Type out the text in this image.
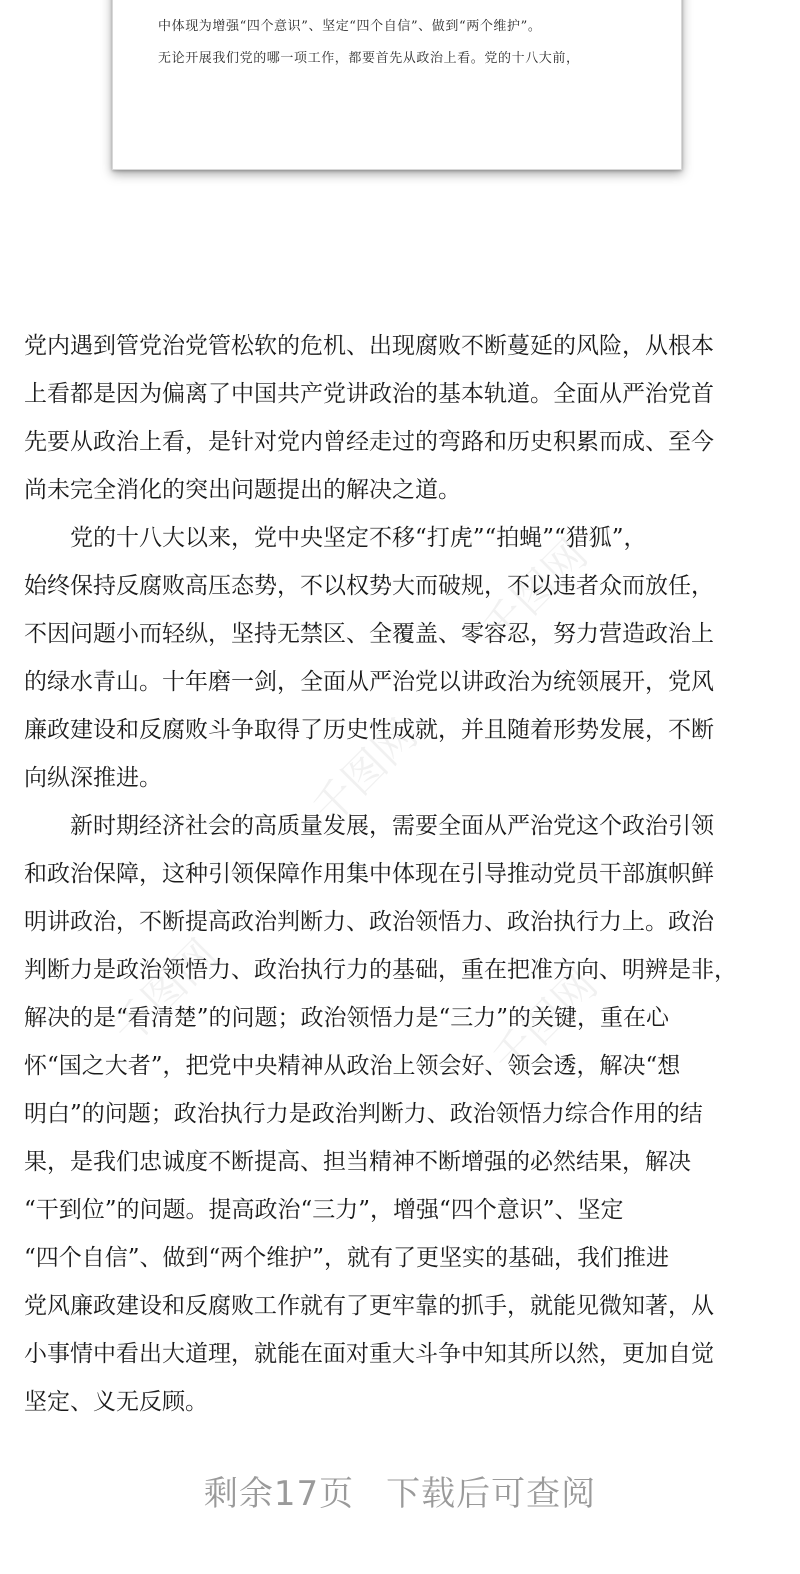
中体现为增强“四个意识”、坚定“四个自信”、做到“两个维护”。
无论开展我们党的哪一项工作，都要首先从政治上看。党的十八大前，
千图网
千图网
千图网	千图网
党内遇到管党治党管松软的危机、出现腐败不断蔓延的风险，从根本
上看都是因为偏离了中国共产党讲政治的基本轨道。全面从严治党首
先要从政治上看，是针对党内曾经走过的弯路和历史积累而成、至今
尚未完全消化的突出问题提出的解决之道。
　　党的十八大以来，党中央坚定不移“打虎”“拍蝇”“猎狐”，
始终保持反腐败高压态势，不以权势大而破规，不以违者众而放任，
不因问题小而轻纵，坚持无禁区、全覆盖、零容忍，努力营造政治上
的绿水青山。十年磨一剑，全面从严治党以讲政治为统领展开，党风
廉政建设和反腐败斗争取得了历史性成就，并且随着形势发展，不断
向纵深推进。
　　新时期经济社会的高质量发展，需要全面从严治党这个政治引领
和政治保障，这种引领保障作用集中体现在引导推动党员干部旗帜鲜
明讲政治，不断提高政治判断力、政治领悟力、政治执行力上。政治
判断力是政治领悟力、政治执行力的基础，重在把准方向、明辨是非，
解决的是“看清楚”的问题；政治领悟力是“三力”的关键，重在心
怀“国之大者”，把党中央精神从政治上领会好、领会透，解决“想
明白”的问题；政治执行力是政治判断力、政治领悟力综合作用的结
果，是我们忠诚度不断提高、担当精神不断增强的必然结果，解决
“干到位”的问题。提高政治“三力”，增强“四个意识”、坚定
“四个自信”、做到“两个维护”，就有了更坚实的基础，我们推进
党风廉政建设和反腐败工作就有了更牢靠的抓手，就能见微知著，从
小事情中看出大道理，就能在面对重大斗争中知其所以然，更加自觉
坚定、义无反顾。
剩余17页 下载后可查阅
